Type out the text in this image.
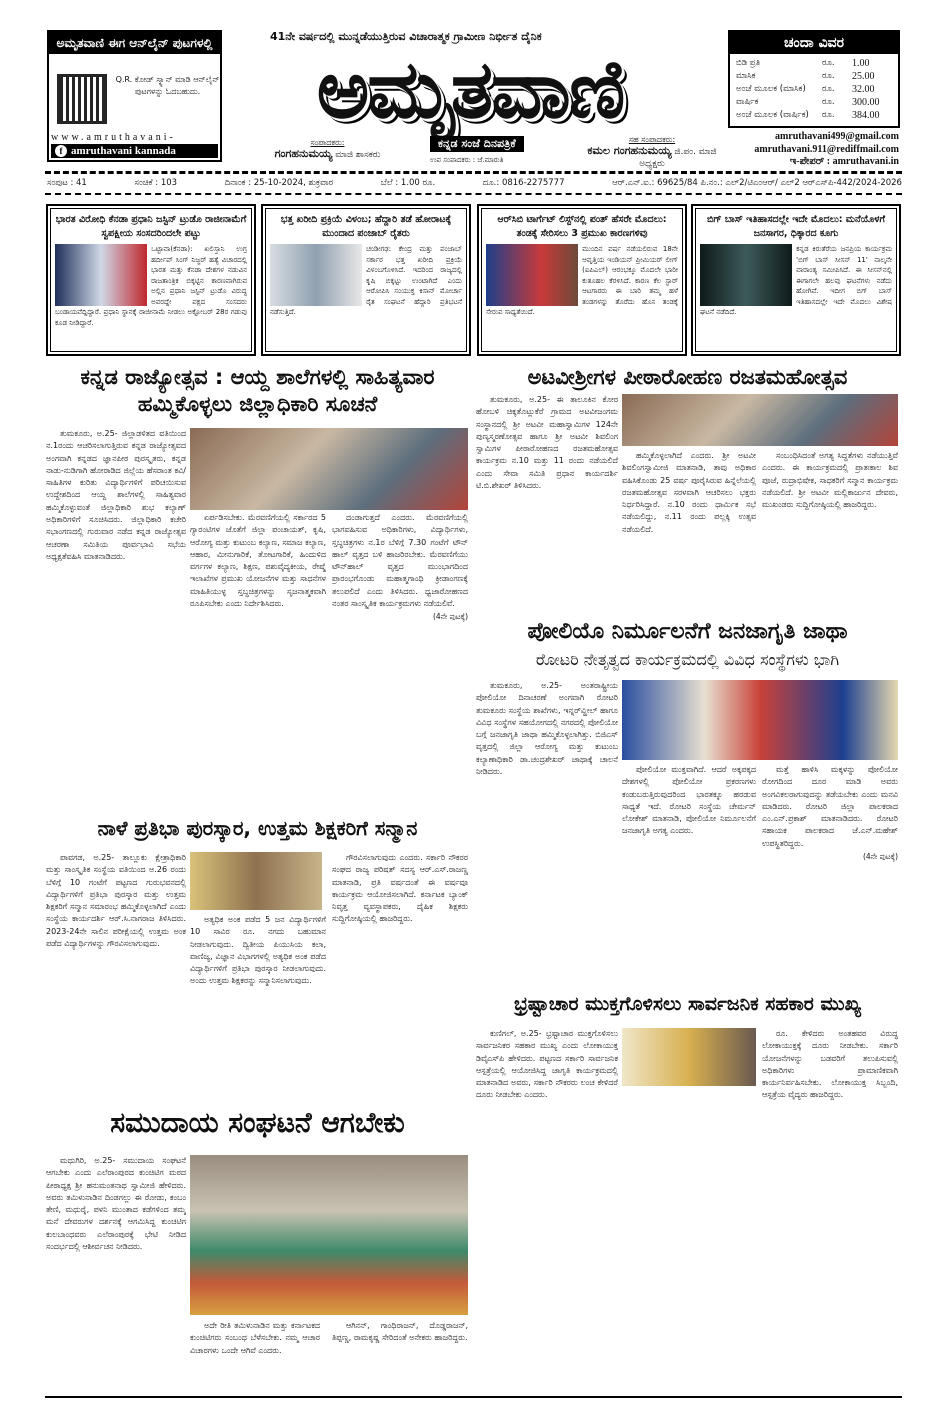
ಅಮೃತವಾಣಿ ಈಗ ಆನ್‌ಲೈನ್ ಪುಟಗಳಲ್ಲಿ
Q.R. ಕೋಡ್ ಸ್ಕ್ಯಾನ್ ಮಾಡಿ ಆನ್‌ಲೈನ್ ಪುಟಗಳನ್ನು ಓದಬಹುದು.
www.amruthavani-
f amruthavani kannada
41ನೇ ವರ್ಷದಲ್ಲಿ ಮುನ್ನಡೆಯುತ್ತಿರುವ ವಿಚಾರಾತ್ಮಕ ಗ್ರಾಮೀಣ ನಿರ್ಭೀತ ದೈನಿಕ
ಅಮೃತವಾಣಿ
ಸಂಪಾದಕರು:
ಗಂಗಹನುಮಯ್ಯ ಮಾಜಿ ಶಾಸಕರು
ಕನ್ನಡ ಸಂಜೆ ದಿನಪತ್ರಿಕೆ
ಉಪ ಸಂಪಾದಕರು : ಜೆ.ಮಾರುತಿ
ಸಹ ಸಂಪಾದಕರು:
ಕಮಲ ಗಂಗಹನುಮಯ್ಯ ಜಿ.ಪಂ. ಮಾಜಿ ಅಧ್ಯಕ್ಷರು
ಚಂದಾ ವಿವರ
ಬಿಡಿ ಪ್ರತಿ	ರೂ.	1.00
ಮಾಸಿಕ	ರೂ.	25.00
ಅಂಚೆ ಮೂಲಕ (ಮಾಸಿಕ)	ರೂ.	32.00
ವಾರ್ಷಿಕ	ರೂ.	300.00
ಅಂಚೆ ಮೂಲಕ (ವಾರ್ಷಿಕ)	ರೂ.	384.00
amruthavani499@gmail.com
amruthavani.911@rediffmail.com
ಇ-ಪೇಪರ್ : amruthavani.in
ಸಂಪುಟ : 41	ಸಂಚಿಕೆ : 103	ದಿನಾಂಕ : 25-10-2024, ಶುಕ್ರವಾರ	ಬೆಲೆ : 1.00 ರೂ.	ದೂ.: 0816-2275777	ಆರ್.ಎನ್.ಐ.: 69625/84 ಪಿ.ನಂ.: ಎಲ್2/ಟಿಎಂಆರ್/ ಎಲ್2 ಆರ್‌ಎಸ್‌ಪಿ-442/2024-2026
ಭಾರತ ವಿರೋಧಿ ಕೆನಡಾ ಪ್ರಧಾನಿ ಜಸ್ಟಿನ್ ಟ್ರುಡೊ ರಾಜೀನಾಮೆಗೆ ಸ್ವಪಕ್ಷೀಯ ಸಂಸದರಿಂದಲೇ ಪಟ್ಟು

ಒಟ್ಟಾವಾ(ಕೆನಡಾ): ಖಲಿಸ್ತಾನಿ ಉಗ್ರ ಹರ್ದೀಪ್ ಸಿಂಗ್ ನಿಜ್ಜರ್ ಹತ್ಯೆ ವಿಚಾರದಲ್ಲಿ ಭಾರತ ಮತ್ತು ಕೆನಡಾ ದೇಶಗಳ ನಡುವಿನ ರಾಜತಾಂತ್ರಿಕ ಬಿಕ್ಕಟ್ಟಿನ ಕಾರಣವಾಗಿರುವ ಅಲ್ಲಿನ ಪ್ರಧಾನಿ ಜಸ್ಟಿನ್ ಟ್ರುಡೊ ವಿರುದ್ಧ ಅವರದ್ದೇ ಪಕ್ಷದ ಸಂಸದರು ಬಂಡಾಯವೆದ್ದಿದ್ದಾರೆ. ಪ್ರಧಾನಿ ಸ್ಥಾನಕ್ಕೆ ರಾಜೀನಾಮೆ ನೀಡಲು ಅಕ್ಟೋಬರ್ 28ರ ಗಡುವು ಕೂಡ ನೀಡಿದ್ದಾರೆ.

ಭತ್ತ ಖರೀದಿ ಪ್ರಕ್ರಿಯೆ ವಿಳಂಬ; ಹೆದ್ದಾರಿ ತಡೆ ಹೋರಾಟಕ್ಕೆ ಮುಂದಾದ ಪಂಜಾಬ್ ರೈತರು

ಚಂಡೀಗಢ: ಕೇಂದ್ರ ಮತ್ತು ಪಂಜಾಬ್ ಸರ್ಕಾರ ಭತ್ತ ಖರೀದಿ ಪ್ರಕ್ರಿಯೆ ವಿಳಂಬಗೊಳಿಸಿದೆ. ಇದರಿಂದ ರಾಜ್ಯದಲ್ಲಿ ಕೃಷಿ ಬಿಕ್ಕಟ್ಟು ಉಂಟಾಗಿದೆ ಎಂದು ಆರೋಪಿಸಿ ಸಂಯುಕ್ತ ಕಿಸಾನ್ ಮೋರ್ಚಾ ರೈತ ಸಂಘಟನೆ ಹೆದ್ದಾರಿ ಪ್ರತಿಭಟನೆ ನಡೆಸುತ್ತಿದೆ.

ಆರ್‌ಸಿಬಿ ಟಾರ್ಗೆಟ್ ಲಿಸ್ಟ್‌ನಲ್ಲಿ ಪಂತ್ ಹೆಸರೇ ಮೊದಲು: ತಂಡಕ್ಕೆ ಸೇರಿಸಲು 3 ಪ್ರಮುಖ ಕಾರಣಗಳಿವು

ಮುಂದಿನ ವರ್ಷ ನಡೆಯಲಿರುವ 18ನೇ ಆವೃತ್ತಿಯ ಇಂಡಿಯನ್ ಪ್ರೀಮಿಯರ್ ಲೀಗ್ (ಐಪಿಎಲ್) ಆರಂಭಕ್ಕೂ ಮೊದಲೇ ಭಾರೀ ಕುತೂಹಲ ಕೆರಳಿಸಿದೆ. ಕಾರಣ ಕೆಲ ಸ್ಟಾರ್ ಆಟಗಾರರು ಈ ಬಾರಿ ತಮ್ಮ ಹಳೆ ತಂಡಗಳನ್ನು ತೊರೆದು ಹೊಸ ತಂಡಕ್ಕೆ ಸೇರುವ ಸಾಧ್ಯತೆಯಿದೆ.

ಬಿಗ್ ಬಾಸ್ ಇತಿಹಾಸದಲ್ಲೇ ಇದೇ ಮೊದಲು: ಮನೆಯೊಳಗೆ ಜನಸಾಗರ, ಧಿಕ್ಕಾರದ ಕೂಗು

ಕನ್ನಡ ಕಿರುತೆರೆಯ ಜನಪ್ರಿಯ ಕಾರ್ಯಕ್ರಮ 'ಬಿಗ್ ಬಾಸ್ ಸೀಸನ್ 11' ನಾಲ್ಕನೇ ವಾರಾಂತ್ಯ ಸಮೀಪಿಸಿದೆ. ಈ ಸೀಸನ್‌ನಲ್ಲಿ ಈಗಾಗಲೇ ಹಲವು ಘಟನೆಗಳು ನಡೆದು ಹೋಗಿವೆ. ಇದೀಗ ಬಿಗ್ ಬಾಸ್ ಇತಿಹಾಸದಲ್ಲೇ ಇದೇ ಮೊದಲು ವಿಶೇಷ ಘಟನೆ ನಡೆದಿದೆ.

ಕನ್ನಡ ರಾಜ್ಯೋತ್ಸವ : ಆಯ್ದ ಶಾಲೆಗಳಲ್ಲಿ ಸಾಹಿತ್ಯವಾರ ಹಮ್ಮಿಕೊಳ್ಳಲು ಜಿಲ್ಲಾಧಿಕಾರಿ ಸೂಚನೆ

ತುಮಕೂರು, ಅ.25- ಜಿಲ್ಲಾಡಳಿತದ ವತಿಯಿಂದ ನ.1ರಂದು ಆಚರಿಸಲಾಗುತ್ತಿರುವ ಕನ್ನಡ ರಾಜ್ಯೋತ್ಸವದ ಅಂಗವಾಗಿ ಕನ್ನಡದ ಜ್ಞಾನಪೀಠ ಪುರಸ್ಕೃತರು, ಕನ್ನಡ ನಾಡು-ನುಡಿಗಾಗಿ ಹೋರಾಡಿದ ಜಿಲ್ಲೆಯ ಹೆಸರಾಂತ ಕವಿ/ಸಾಹಿತಿಗಳ ಕುರಿತು ವಿದ್ಯಾರ್ಥಿಗಳಿಗೆ ಪರಿಚಯಿಸುವ ಉದ್ದೇಶದಿಂದ ಆಯ್ದ ಶಾಲೆಗಳಲ್ಲಿ ಸಾಹಿತ್ಯವಾರ ಹಮ್ಮಿಕೊಳ್ಳುವಂತೆ ಜಿಲ್ಲಾಧಿಕಾರಿ ಶುಭ ಕಲ್ಯಾಣ್ ಅಧಿಕಾರಿಗಳಿಗೆ ಸೂಚಿಸಿದರು. ಜಿಲ್ಲಾಧಿಕಾರಿ ಕಚೇರಿ ಸಭಾಂಗಣದಲ್ಲಿ ಗುರುವಾರ ನಡೆದ ಕನ್ನಡ ರಾಜ್ಯೋತ್ಸವ ಆಚರಣಾ ಸಮಿತಿಯ ಪೂರ್ವಭಾವಿ ಸಭೆಯ ಅಧ್ಯಕ್ಷತೆವಹಿಸಿ ಮಾತನಾಡಿದರು.

ಏರ್ಪಡಿಸಬೇಕು. ಮೆರವಣಿಗೆಯಲ್ಲಿ ಸರ್ಕಾರದ 5 ಗ್ಯಾರಂಟಿಗಳ ಜೊತೆಗೆ ಜಿಲ್ಲಾ ಪಂಚಾಯತ್, ಕೃಷಿ, ಆರೋಗ್ಯ ಮತ್ತು ಕುಟುಂಬ ಕಲ್ಯಾಣ, ಸಮಾಜ ಕಲ್ಯಾಣ, ಆಹಾರ, ಮೀನುಗಾರಿಕೆ, ತೋಟಗಾರಿಕೆ, ಹಿಂದುಳಿದ ವರ್ಗಗಳ ಕಲ್ಯಾಣ, ಶಿಕ್ಷಣ, ಪಶುವೈದ್ಯಕೀಯ, ರೇಷ್ಮೆ ಇಲಾಖೆಗಳ ಪ್ರಮುಖ ಯೋಜನೆಗಳ ಮತ್ತು ಸಾಧನೆಗಳ ಮಾಹಿತಿಯುಳ್ಳ ಸ್ತಬ್ಧಚಿತ್ರಗಳನ್ನು ಸೃಜನಾತ್ಮಕವಾಗಿ ರೂಪಿಸಬೇಕು ಎಂದು ನಿರ್ದೇಶಿಸಿದರು.

ದಂಡಾಗುತ್ತದೆ ಎಂದರು. ಮೆರವಣಿಗೆಯಲ್ಲಿ ಭಾಗವಹಿಸುವ ಅಧಿಕಾರಿಗಳು, ವಿದ್ಯಾರ್ಥಿಗಳು, ಸ್ತಬ್ಧಚಿತ್ರಗಳು ನ.1ರ ಬೆಳಿಗ್ಗೆ 7.30 ಗಂಟೆಗೆ ಟೌನ್ ಹಾಲ್ ವೃತ್ತದ ಬಳಿ ಹಾಜರಿರಬೇಕು. ಮೆರವಣಿಗೆಯು ಟೌನ್‌ಹಾಲ್ ವೃತ್ತದ ಮುಂಭಾಗದಿಂದ ಪ್ರಾರಂಭಗೊಂಡು ಮಹಾತ್ಮಗಾಂಧಿ ಕ್ರೀಡಾಂಗಣಕ್ಕೆ ತಲುಪಲಿದೆ ಎಂದು ತಿಳಿಸಿದರು. ಧ್ವಜಾರೋಹಣದ ನಂತರ ಸಾಂಸ್ಕೃತಿಕ ಕಾರ್ಯಕ್ರಮಗಳು ನಡೆಯಲಿವೆ.

(4ನೇ ಪುಟಕ್ಕೆ)
ಅಟವೀಶ್ರೀಗಳ ಪೀಠಾರೋಹಣ ರಜತಮಹೋತ್ಸವ

ತುಮಕೂರು, ಅ.25- ಈ ತಾಲೂಕಿನ ಕೋರ ಹೋಬಳಿ ಚಿಕ್ಕತೊಟ್ಲುಕೆರೆ ಗ್ರಾಮದ ಅಟವೀಜಂಗಮ ಸಂಸ್ಥಾನದಲ್ಲಿ ಶ್ರೀ ಅಟವೀ ಮಹಾಸ್ವಾಮಿಗಳ 124ನೇ ಪುಣ್ಯಸ್ಮರಣೋತ್ಸವ ಹಾಗೂ ಶ್ರೀ ಅಟವೀ ಶಿವಲಿಂಗ ಸ್ವಾಮಿಗಳ ಪೀಠಾರೋಹಣದ ರಜತಮಹೋತ್ಸವ ಕಾರ್ಯಕ್ರಮ ನ.10 ಮತ್ತು 11 ರಂದು ನಡೆಯಲಿದೆ ಎಂದು ಸೇವಾ ಸಮಿತಿ ಪ್ರಧಾನ ಕಾರ್ಯದರ್ಶಿ ಟಿ.ಬಿ.ಶೇಖರ್ ತಿಳಿಸಿದರು.

ಹಮ್ಮಿಕೊಳ್ಳಲಾಗಿದೆ ಎಂದರು. ಶ್ರೀ ಅಟವೀ ಶಿವಲಿಂಗಸ್ವಾಮೀಜಿ ಮಾತನಾಡಿ, ತಾವು ಅಧಿಕಾರ ವಹಿಸಿಕೊಂಡು 25 ವರ್ಷ ಪೂರೈಸಿರುವ ಹಿನ್ನೆಲೆಯಲ್ಲಿ ರಜತಮಹೋತ್ಸವ ಸರಳವಾಗಿ ಆಚರಿಸಲು ಭಕ್ತರು ನಿರ್ಧರಿಸಿದ್ದಾರೆ. ನ.10 ರಂದು ಧಾರ್ಮಿಕ ಸಭೆ ನಡೆಯಲಿದ್ದು, ನ.11 ರಂದು ಪಲ್ಲಕ್ಕಿ ಉತ್ಸವ ನಡೆಯಲಿದೆ.

ಸಂಬಂಧಿಸಿದಂತೆ ಅಗತ್ಯ ಸಿದ್ಧತೆಗಳು ನಡೆಯುತ್ತಿವೆ ಎಂದರು. ಈ ಕಾರ್ಯಕ್ರಮದಲ್ಲಿ ಪ್ರಾತಃಕಾಲ ಶಿವ ಪೂಜೆ, ರುದ್ರಾಭಿಷೇಕ, ಸಾಧಕರಿಗೆ ಸನ್ಮಾನ ಕಾರ್ಯಕ್ರಮ ನಡೆಯಲಿದೆ. ಶ್ರೀ ಅಟವೀ ಮಲ್ಲಿಕಾರ್ಜುನ ದೇವರು, ಮುಖಂಡರು ಸುದ್ದಿಗೋಷ್ಠಿಯಲ್ಲಿ ಹಾಜರಿದ್ದರು.

ಪೋಲಿಯೊ ನಿರ್ಮೂಲನೆಗೆ ಜನಜಾಗೃತಿ ಜಾಥಾ
ರೋಟರಿ ನೇತೃತ್ವದ ಕಾರ್ಯಕ್ರಮದಲ್ಲಿ ವಿವಿಧ ಸಂಸ್ಥೆಗಳು ಭಾಗಿ

ತುಮಕೂರು, ಅ.25- ಅಂತರಾಷ್ಟ್ರೀಯ ಪೋಲಿಯೋ ದಿನಾಚರಣೆ ಅಂಗವಾಗಿ ರೋಟರಿ ತುಮಕೂರು ಸಂಸ್ಥೆಯ ಶಾಖೆಗಳು, ಇನ್ನರ್‌ವ್ಹೀಲ್ ಹಾಗೂ ವಿವಿಧ ಸಂಸ್ಥೆಗಳ ಸಹಯೋಗದಲ್ಲಿ ನಗರದಲ್ಲಿ ಪೋಲಿಯೋ ಬಗ್ಗೆ ಜನಜಾಗೃತಿ ಜಾಥಾ ಹಮ್ಮಿಕೊಳ್ಳಲಾಗಿತ್ತು. ಬಿಜಿಎಸ್ ವೃತ್ತದಲ್ಲಿ ಜಿಲ್ಲಾ ಆರೋಗ್ಯ ಮತ್ತು ಕುಟುಂಬ ಕಲ್ಯಾಣಾಧಿಕಾರಿ ಡಾ.ಚಂದ್ರಶೇಖರ್ ಜಾಥಾಕ್ಕೆ ಚಾಲನೆ ನೀಡಿದರು.	ಪೋಲಿಯೋ ಮುಕ್ತವಾಗಿದೆ. ಆದರೆ ಅಕ್ಕಪಕ್ಕದ ದೇಶಗಳಲ್ಲಿ ಪೋಲಿಯೋ ಪ್ರಕರಣಗಳು ಕಂಡುಬರುತ್ತಿರುವುದರಿಂದ ಭಾರತಕ್ಕೂ ಹರಡುವ ಸಾಧ್ಯತೆ ಇದೆ. ರೋಟರಿ ಸಂಸ್ಥೆಯ ಚೇರ್ಮನ್ ಲೋಕೇಶ್ ಮಾತನಾಡಿ, ಪೋಲಿಯೋ ನಿರ್ಮೂಲನೆಗೆ ಜನಜಾಗೃತಿ ಅಗತ್ಯ ಎಂದರು.

ಮತ್ತೆ ಹಾಳಿಸಿ ಮಕ್ಕಳನ್ನು ಪೋಲಿಯೋ ರೋಗದಿಂದ ದೂರ ಮಾಡಿ ಅವರು ಅಂಗವಿಕಲರಾಗುವುದನ್ನು ತಡೆಯಬೇಕು ಎಂದು ಮನವಿ ಮಾಡಿದರು. ರೋಟರಿ ಜಿಲ್ಲಾ ಪಾಲಕರಾದ ಎಂ.ಎನ್.ಪ್ರಕಾಶ್ ಮಾತನಾಡಿದರು. ರೋಟರಿ ಸಹಾಯಕ ಪಾಲಕರಾದ ಜೆ.ಎನ್.ಮಹೇಶ್ ಉಪಸ್ಥಿತರಿದ್ದರು.

(4ನೇ ಪುಟಕ್ಕೆ)
ನಾಳೆ ಪ್ರತಿಭಾ ಪುರಸ್ಕಾರ, ಉತ್ತಮ ಶಿಕ್ಷಕರಿಗೆ ಸನ್ಮಾನ

ಪಾವಗಡ, ಅ.25- ತಾಲ್ಲೂಕು ಕ್ಷೇತ್ರಾಧಿಕಾರಿ ಮತ್ತು ಸಾಂಸ್ಕೃತಿಕ ಸಂಸ್ಥೆಯ ವತಿಯಿಂದ ಅ.26 ರಂದು ಬೆಳಿಗ್ಗೆ 10 ಗಂಟೆಗೆ ಪಟ್ಟಣದ ಗುರುಭವನದಲ್ಲಿ ವಿದ್ಯಾರ್ಥಿಗಳಿಗೆ ಪ್ರತಿಭಾ ಪುರಸ್ಕಾರ ಮತ್ತು ಉತ್ತಮ ಶಿಕ್ಷಕರಿಗೆ ಸನ್ಮಾನ ಸಮಾರಂಭ ಹಮ್ಮಿಕೊಳ್ಳಲಾಗಿದೆ ಎಂದು ಸಂಸ್ಥೆಯ ಕಾರ್ಯದರ್ಶಿ ಆರ್.ಸಿ.ನಾಗರಾಜ ತಿಳಿಸಿದರು. 2023-24ನೇ ಸಾಲಿನ ಪರೀಕ್ಷೆಯಲ್ಲಿ ಉತ್ತಮ ಅಂಕ ಪಡೆದ ವಿದ್ಯಾರ್ಥಿಗಳನ್ನು ಗೌರವಿಸಲಾಗುವುದು.

ಅತ್ಯಧಿಕ ಅಂಕ ಪಡೆದ 5 ಜನ ವಿದ್ಯಾರ್ಥಿಗಳಿಗೆ 10 ಸಾವಿರ ರೂ. ನಗದು ಬಹುಮಾನ ನೀಡಲಾಗುವುದು. ದ್ವಿತೀಯ ಪಿಯುಸಿಯ ಕಲಾ, ವಾಣಿಜ್ಯ, ವಿಜ್ಞಾನ ವಿಭಾಗಗಳಲ್ಲಿ ಅತ್ಯಧಿಕ ಅಂಕ ಪಡೆದ ವಿದ್ಯಾರ್ಥಿಗಳಿಗೆ ಪ್ರತಿಭಾ ಪುರಸ್ಕಾರ ನೀಡಲಾಗುವುದು. ಅಂದು ಉತ್ತಮ ಶಿಕ್ಷಕರನ್ನು ಸನ್ಮಾನಿಸಲಾಗುವುದು.

ಗೌರವಿಸಲಾಗುವುದು ಎಂದರು. ಸರ್ಕಾರಿ ನೌಕರರ ಸಂಘದ ರಾಜ್ಯ ಪರಿಷತ್ ಸದಸ್ಯ ಆರ್.ಎಸ್.ರಾಜಣ್ಣ ಮಾತನಾಡಿ, ಪ್ರತಿ ವರ್ಷದಂತೆ ಈ ವರ್ಷವೂ ಕಾರ್ಯಕ್ರಮ ಆಯೋಜಿಸಲಾಗಿದೆ. ಕರ್ನಾಟಕ ಬ್ಯಾಂಕ್ ನಿವೃತ್ತ ವ್ಯವಸ್ಥಾಪಕರು, ದೈಹಿಕ ಶಿಕ್ಷಕರು ಸುದ್ದಿಗೋಷ್ಠಿಯಲ್ಲಿ ಹಾಜರಿದ್ದರು.

ಭ್ರಷ್ಟಾಚಾರ ಮುಕ್ತಗೊಳಿಸಲು ಸಾರ್ವಜನಿಕ ಸಹಕಾರ ಮುಖ್ಯ

ಕುಣಿಗಲ್, ಅ.25- ಭ್ರಷ್ಟಾಚಾರ ಮುಕ್ತಗೊಳಿಸಲು ಸಾರ್ವಜನಿಕರ ಸಹಕಾರ ಮುಖ್ಯ ಎಂದು ಲೋಕಾಯುಕ್ತ ಡಿವೈಎಸ್‌ಪಿ ಹೇಳಿದರು. ಪಟ್ಟಣದ ಸರ್ಕಾರಿ ಸಾರ್ವಜನಿಕ ಆಸ್ಪತ್ರೆಯಲ್ಲಿ ಆಯೋಜಿಸಿದ್ದ ಜಾಗೃತಿ ಕಾರ್ಯಕ್ರಮದಲ್ಲಿ ಮಾತನಾಡಿದ ಅವರು, ಸರ್ಕಾರಿ ನೌಕರರು ಲಂಚ ಕೇಳಿದರೆ ದೂರು ನೀಡಬೇಕು ಎಂದರು.

ರೂ. ಕೇಳಿದರು ಅಂತಹವರ ವಿರುದ್ಧ ಲೋಕಾಯುಕ್ತಕ್ಕೆ ದೂರು ನೀಡಬೇಕು. ಸರ್ಕಾರಿ ಯೋಜನೆಗಳನ್ನು ಬಡವರಿಗೆ ತಲುಪಿಸುವಲ್ಲಿ ಅಧಿಕಾರಿಗಳು ಪ್ರಾಮಾಣಿಕವಾಗಿ ಕಾರ್ಯನಿರ್ವಹಿಸಬೇಕು. ಲೋಕಾಯುಕ್ತ ಸಿಬ್ಬಂದಿ, ಆಸ್ಪತ್ರೆಯ ವೈದ್ಯರು ಹಾಜರಿದ್ದರು.

ಸಮುದಾಯ ಸಂಘಟನೆ ಆಗಬೇಕು

ಮಧುಗಿರಿ, ಅ.25- ಸಮುದಾಯ ಸಂಘಟನೆ ಆಗಬೇಕು ಎಂದು ಎಲೆರಾಂಪುರದ ಕುಂಚಿಟಿಗ ಮಠದ ಪೀಠಾಧ್ಯಕ್ಷ ಶ್ರೀ ಹನುಮಂತನಾಥ ಸ್ವಾಮೀಜಿ ಹೇಳಿದರು. ಅವರು ತಮಿಳುನಾಡಿನ ದಿಂಡಗಲ್ಲು ಈ ರೋಡು, ಕಂಬಂ ತೇಣಿ, ಮಧುರೈ, ಪಳನಿ ಮುಂತಾದ ಕಡೆಗಳಿಂದ ತಮ್ಮ ಮನೆ ದೇವರುಗಳ ದರ್ಶನಕ್ಕೆ ಆಗಮಿಸಿದ್ದ ಕುಂಚಿಟಿಗ ಕುಲಬಾಂಧವರು ಎಲೆರಾಂಪುರಕ್ಕೆ ಭೇಟಿ ನೀಡಿದ ಸಂದರ್ಭದಲ್ಲಿ ಆಶೀರ್ವಚನ ನೀಡಿದರು.

ಅದೇ ರೀತಿ ತಮಿಳುನಾಡಿನ ಮತ್ತು ಕರ್ನಾಟಕದ ಕುಂಚಿಟಿಗರು ಸಂಬಂಧ ಬೆಳೆಸಬೇಕು. ನಮ್ಮ ಆಚಾರ ವಿಚಾರಗಳು ಒಂದೇ ಆಗಿವೆ ಎಂದರು.

ಆಗಿನನ್, ಗಾಂಧಿರಾಜನ್, ದೊಡ್ಡರಾಜನ್, ತಿಪ್ಪಣ್ಣ, ರಾಮಕೃಷ್ಣ ಸೇರಿದಂತೆ ಅನೇಕರು ಹಾಜರಿದ್ದರು.
